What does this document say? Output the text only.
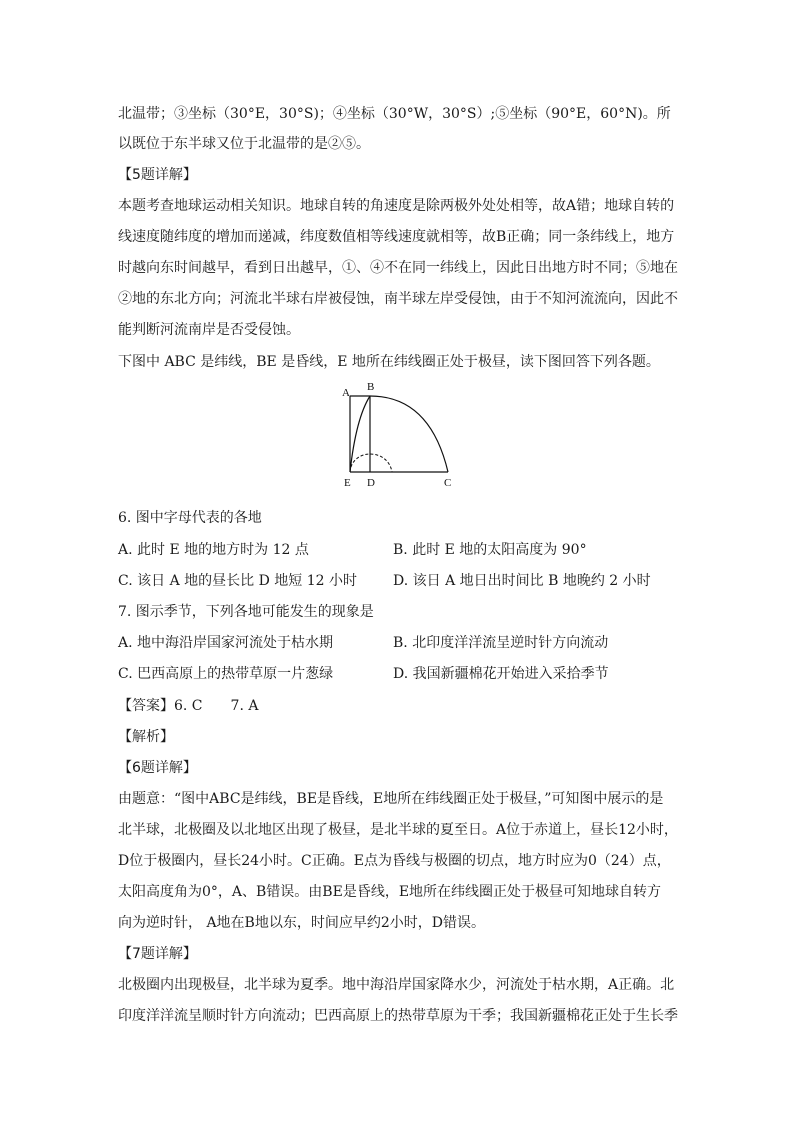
北温带；③坐标（30°E，30°S)；④坐标（30°W，30°S）;⑤坐标（90°E，60°N)。所
以既位于东半球又位于北温带的是②⑤。
【5题详解】
本题考查地球运动相关知识。地球自转的角速度是除两极外处处相等，故A错；地球自转的
线速度随纬度的增加而递减，纬度数值相等线速度就相等，故B正确；同一条纬线上，地方
时越向东时间越早，看到日出越早，①、④不在同一纬线上，因此日出地方时不同；⑤地在
②地的东北方向；河流北半球右岸被侵蚀，南半球左岸受侵蚀，由于不知河流流向，因此不
能判断河流南岸是否受侵蚀。
下图中 ABC 是纬线，BE 是昏线，E 地所在纬线圈正处于极昼，读下图回答下列各题。
A B
E D	C
6. 图中字母代表的各地
A. 此时 E 地的地方时为 12 点	B. 此时 E 地的太阳高度为 90°
C. 该日 A 地的昼长比 D 地短 12 小时	D. 该日 A 地日出时间比 B 地晚约 2 小时
7. 图示季节，下列各地可能发生的现象是
A. 地中海沿岸国家河流处于枯水期	B. 北印度洋洋流呈逆时针方向流动
C. 巴西高原上的热带草原一片葱绿	D. 我国新疆棉花开始进入采拾季节
【答案】6. C 7. A
【解析】
【6题详解】
由题意：“图中ABC是纬线，BE是昏线，E地所在纬线圈正处于极昼，”可知图中展示的是
北半球，北极圈及以北地区出现了极昼，是北半球的夏至日。A位于赤道上，昼长12小时，
D位于极圈内，昼长24小时。C正确。E点为昏线与极圈的切点，地方时应为0（24）点，
太阳高度角为0°，A、B错误。由BE是昏线，E地所在纬线圈正处于极昼可知地球自转方
向为逆时针， A地在B地以东，时间应早约2小时，D错误。
【7题详解】
北极圈内出现极昼，北半球为夏季。地中海沿岸国家降水少，河流处于枯水期，A正确。北
印度洋洋流呈顺时针方向流动；巴西高原上的热带草原为干季；我国新疆棉花正处于生长季
